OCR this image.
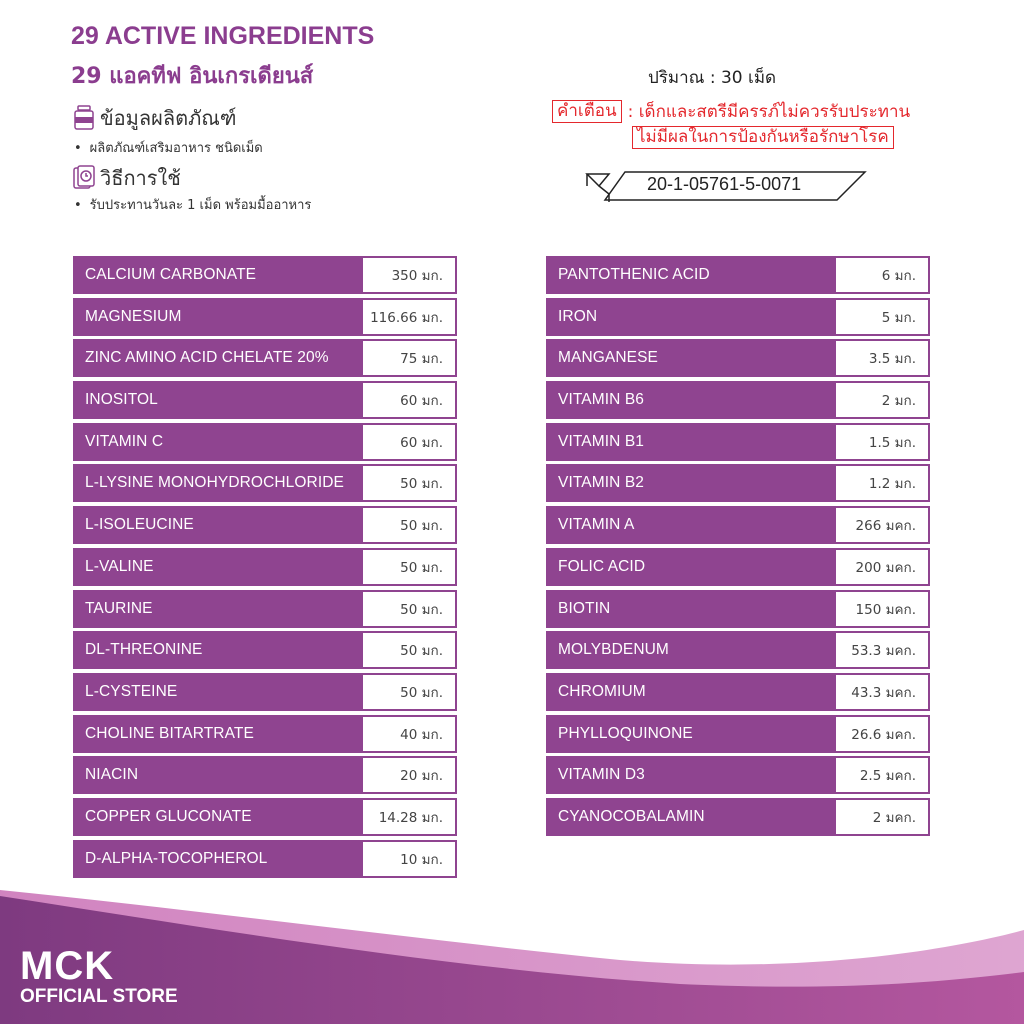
29 ACTIVE INGREDIENTS
29 แอคทีฟ อินเกรเดียนส์
ข้อมูลผลิตภัณฑ์
• ผลิตภัณฑ์เสริมอาหาร ชนิดเม็ด
วิธีการใช้
• รับประทานวันละ 1 เม็ด พร้อมมื้ออาหาร
ปริมาณ : 30 เม็ด
คำเตือน : เด็กและสตรีมีครรภ์ไม่ควรรับประทาน
ไม่มีผลในการป้องกันหรือรักษาโรค
20-1-05761-5-0071
CALCIUM CARBONATE	350 มก.
MAGNESIUM	116.66 มก.
ZINC AMINO ACID CHELATE 20%	75 มก.
INOSITOL	60 มก.
VITAMIN C	60 มก.
L-LYSINE MONOHYDROCHLORIDE	50 มก.
L-ISOLEUCINE	50 มก.
L-VALINE	50 มก.
TAURINE	50 มก.
DL-THREONINE	50 มก.
L-CYSTEINE	50 มก.
CHOLINE BITARTRATE	40 มก.
NIACIN	20 มก.
COPPER GLUCONATE	14.28 มก.
D-ALPHA-TOCOPHEROL	10 มก.
PANTOTHENIC ACID	6 มก.
IRON	5 มก.
MANGANESE	3.5 มก.
VITAMIN B6	2 มก.
VITAMIN B1	1.5 มก.
VITAMIN B2	1.2 มก.
VITAMIN A	266 มคก.
FOLIC ACID	200 มคก.
BIOTIN	150 มคก.
MOLYBDENUM	53.3 มคก.
CHROMIUM	43.3 มคก.
PHYLLOQUINONE	26.6 มคก.
VITAMIN D3	2.5 มคก.
CYANOCOBALAMIN	2 มคก.
MCK
OFFICIAL STORE
